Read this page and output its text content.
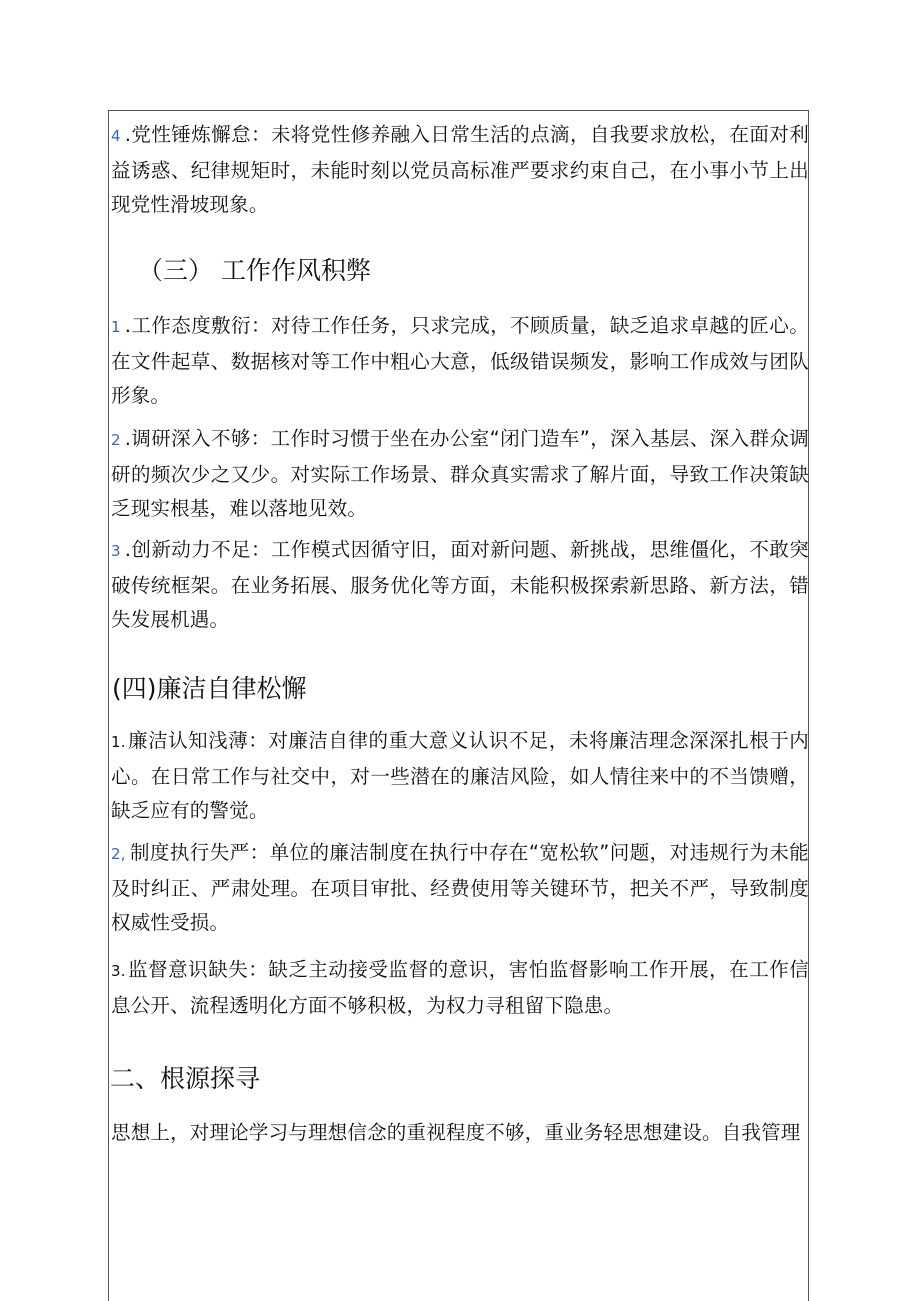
4 .党性锤炼懈怠：未将党性修养融入日常生活的点滴，自我要求放松，在面对利益诱惑、纪律规矩时，未能时刻以党员高标准严要求约束自己，在小事小节上出现党性滑坡现象。

（三） 工作作风积弊

1 .工作态度敷衍：对待工作任务，只求完成，不顾质量，缺乏追求卓越的匠心。在文件起草、数据核对等工作中粗心大意，低级错误频发，影响工作成效与团队形象。

2 .调研深入不够：工作时习惯于坐在办公室“闭门造车”，深入基层、深入群众调研的频次少之又少。对实际工作场景、群众真实需求了解片面，导致工作决策缺乏现实根基，难以落地见效。

3 .创新动力不足：工作模式因循守旧，面对新问题、新挑战，思维僵化，不敢突破传统框架。在业务拓展、服务优化等方面，未能积极探索新思路、新方法，错失发展机遇。

(四)廉洁自律松懈

1. 廉洁认知浅薄：对廉洁自律的重大意义认识不足，未将廉洁理念深深扎根于内心。在日常工作与社交中，对一些潜在的廉洁风险，如人情往来中的不当馈赠，缺乏应有的警觉。

2, 制度执行失严：单位的廉洁制度在执行中存在“宽松软”问题，对违规行为未能及时纠正、严肃处理。在项目审批、经费使用等关键环节，把关不严，导致制度权威性受损。

3. 监督意识缺失：缺乏主动接受监督的意识，害怕监督影响工作开展，在工作信息公开、流程透明化方面不够积极，为权力寻租留下隐患。

二、根源探寻

思想上，对理论学习与理想信念的重视程度不够，重业务轻思想建设。自我管理
